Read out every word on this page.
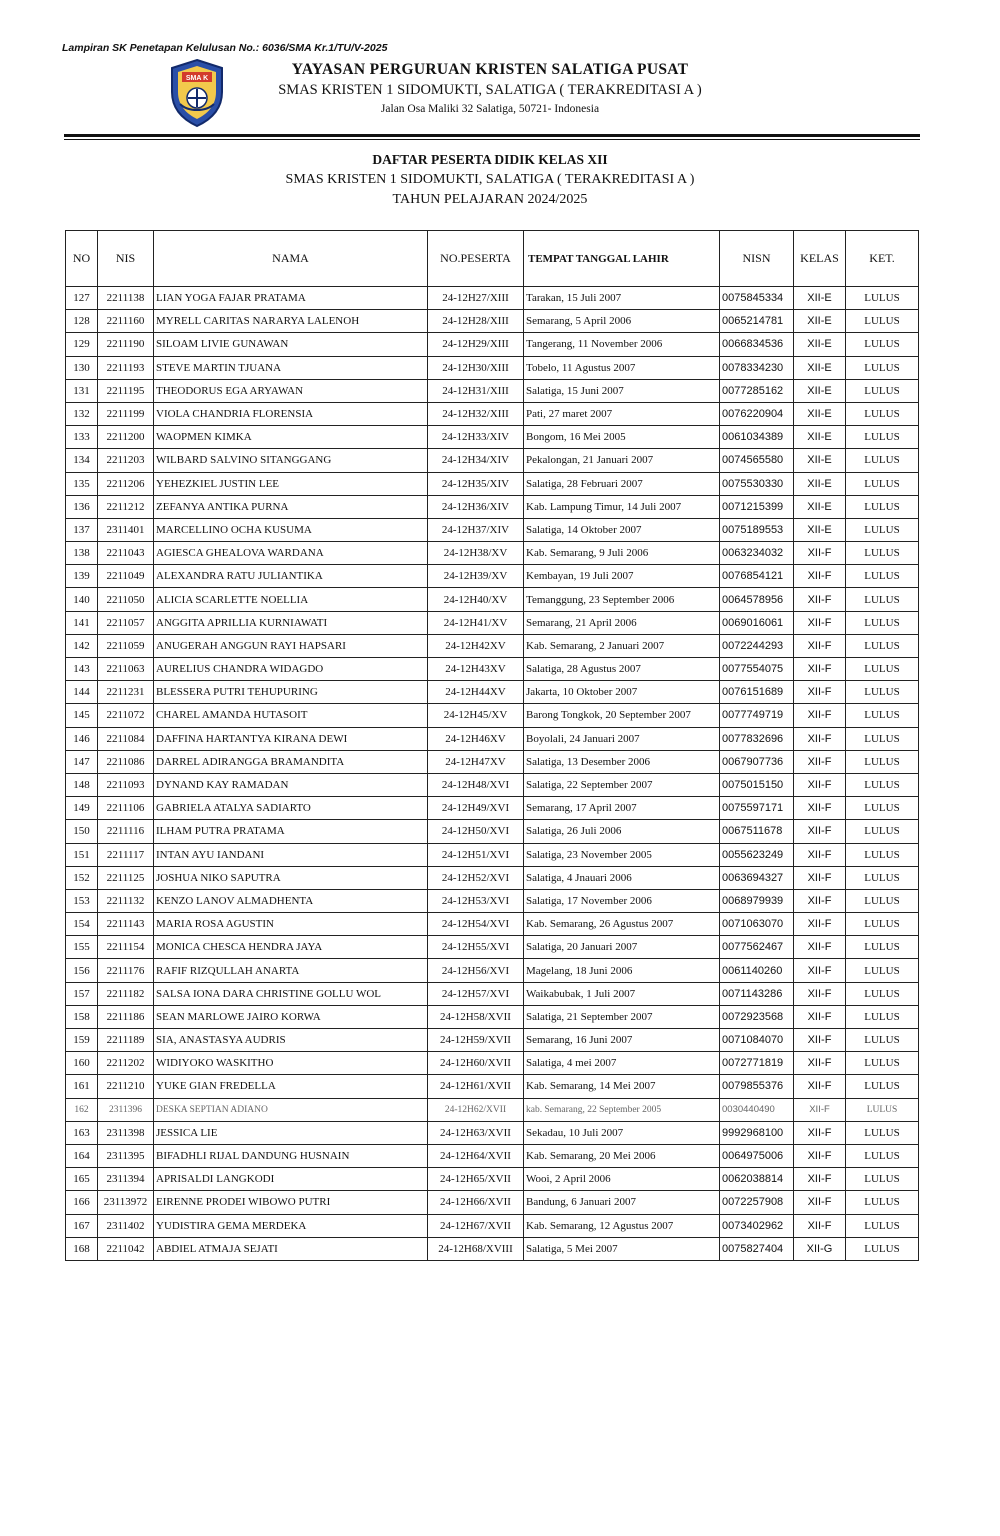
Lampiran SK Penetapan Kelulusan No.: 6036/SMA Kr.1/TU/V-2025
SMA K
YAYASAN PERGURUAN KRISTEN SALATIGA PUSAT
SMAS KRISTEN 1 SIDOMUKTI, SALATIGA ( TERAKREDITASI A )
Jalan Osa Maliki 32 Salatiga, 50721- Indonesia
DAFTAR PESERTA DIDIK KELAS XII
SMAS KRISTEN 1 SIDOMUKTI, SALATIGA ( TERAKREDITASI A )
TAHUN PELAJARAN 2024/2025
NO	NIS	NAMA	NO.PESERTA	TEMPAT TANGGAL LAHIR	NISN	KELAS	KET.
127	2211138	LIAN YOGA FAJAR PRATAMA	24-12H27/XIII	Tarakan, 15 Juli 2007	0075845334	XII-E	LULUS
128	2211160	MYRELL CARITAS NARARYA LALENOH	24-12H28/XIII	Semarang, 5 April 2006	0065214781	XII-E	LULUS
129	2211190	SILOAM LIVIE GUNAWAN	24-12H29/XIII	Tangerang, 11 November 2006	0066834536	XII-E	LULUS
130	2211193	STEVE MARTIN TJUANA	24-12H30/XIII	Tobelo, 11 Agustus 2007	0078334230	XII-E	LULUS
131	2211195	THEODORUS EGA ARYAWAN	24-12H31/XIII	Salatiga, 15 Juni 2007	0077285162	XII-E	LULUS
132	2211199	VIOLA CHANDRIA FLORENSIA	24-12H32/XIII	Pati, 27 maret 2007	0076220904	XII-E	LULUS
133	2211200	WAOPMEN KIMKA	24-12H33/XIV	Bongom, 16 Mei 2005	0061034389	XII-E	LULUS
134	2211203	WILBARD SALVINO SITANGGANG	24-12H34/XIV	Pekalongan, 21 Januari 2007	0074565580	XII-E	LULUS
135	2211206	YEHEZKIEL JUSTIN LEE	24-12H35/XIV	Salatiga, 28 Februari 2007	0075530330	XII-E	LULUS
136	2211212	ZEFANYA ANTIKA PURNA	24-12H36/XIV	Kab. Lampung Timur, 14 Juli 2007	0071215399	XII-E	LULUS
137	2311401	MARCELLINO OCHA KUSUMA	24-12H37/XIV	Salatiga, 14 Oktober 2007	0075189553	XII-E	LULUS
138	2211043	AGIESCA GHEALOVA WARDANA	24-12H38/XV	Kab. Semarang, 9 Juli 2006	0063234032	XII-F	LULUS
139	2211049	ALEXANDRA RATU JULIANTIKA	24-12H39/XV	Kembayan, 19 Juli 2007	0076854121	XII-F	LULUS
140	2211050	ALICIA SCARLETTE NOELLIA	24-12H40/XV	Temanggung, 23 September 2006	0064578956	XII-F	LULUS
141	2211057	ANGGITA APRILLIA KURNIAWATI	24-12H41/XV	Semarang, 21 April 2006	0069016061	XII-F	LULUS
142	2211059	ANUGERAH ANGGUN RAYI HAPSARI	24-12H42XV	Kab. Semarang, 2 Januari 2007	0072244293	XII-F	LULUS
143	2211063	AURELIUS CHANDRA WIDAGDO	24-12H43XV	Salatiga, 28 Agustus 2007	0077554075	XII-F	LULUS
144	2211231	BLESSERA PUTRI TEHUPURING	24-12H44XV	Jakarta, 10 Oktober 2007	0076151689	XII-F	LULUS
145	2211072	CHAREL AMANDA HUTASOIT	24-12H45/XV	Barong Tongkok, 20 September 2007	0077749719	XII-F	LULUS
146	2211084	DAFFINA HARTANTYA KIRANA DEWI	24-12H46XV	Boyolali, 24 Januari 2007	0077832696	XII-F	LULUS
147	2211086	DARREL ADIRANGGA BRAMANDITA	24-12H47XV	Salatiga, 13 Desember 2006	0067907736	XII-F	LULUS
148	2211093	DYNAND KAY RAMADAN	24-12H48/XVI	Salatiga, 22 September 2007	0075015150	XII-F	LULUS
149	2211106	GABRIELA ATALYA SADIARTO	24-12H49/XVI	Semarang, 17 April 2007	0075597171	XII-F	LULUS
150	2211116	ILHAM PUTRA PRATAMA	24-12H50/XVI	Salatiga, 26 Juli 2006	0067511678	XII-F	LULUS
151	2211117	INTAN AYU IANDANI	24-12H51/XVI	Salatiga, 23 November 2005	0055623249	XII-F	LULUS
152	2211125	JOSHUA NIKO SAPUTRA	24-12H52/XVI	Salatiga, 4 Jnauari 2006	0063694327	XII-F	LULUS
153	2211132	KENZO LANOV ALMADHENTA	24-12H53/XVI	Salatiga, 17 November 2006	0068979939	XII-F	LULUS
154	2211143	MARIA ROSA AGUSTIN	24-12H54/XVI	Kab. Semarang, 26 Agustus 2007	0071063070	XII-F	LULUS
155	2211154	MONICA CHESCA HENDRA JAYA	24-12H55/XVI	Salatiga, 20 Januari 2007	0077562467	XII-F	LULUS
156	2211176	RAFIF RIZQULLAH ANARTA	24-12H56/XVI	Magelang, 18 Juni 2006	0061140260	XII-F	LULUS
157	2211182	SALSA IONA DARA CHRISTINE GOLLU WOL	24-12H57/XVI	Waikabubak, 1 Juli 2007	0071143286	XII-F	LULUS
158	2211186	SEAN MARLOWE JAIRO KORWA	24-12H58/XVII	Salatiga, 21 September 2007	0072923568	XII-F	LULUS
159	2211189	SIA, ANASTASYA AUDRIS	24-12H59/XVII	Semarang, 16 Juni 2007	0071084070	XII-F	LULUS
160	2211202	WIDIYOKO WASKITHO	24-12H60/XVII	Salatiga, 4 mei 2007	0072771819	XII-F	LULUS
161	2211210	YUKE GIAN FREDELLA	24-12H61/XVII	Kab. Semarang, 14 Mei 2007	0079855376	XII-F	LULUS
162	2311396	DESKA SEPTIAN ADIANO	24-12H62/XVII	kab. Semarang, 22 September 2005	0030440490	XII-F	LULUS
163	2311398	JESSICA LIE	24-12H63/XVII	Sekadau, 10 Juli 2007	9992968100	XII-F	LULUS
164	2311395	BIFADHLI RIJAL DANDUNG HUSNAIN	24-12H64/XVII	Kab. Semarang, 20 Mei 2006	0064975006	XII-F	LULUS
165	2311394	APRISALDI LANGKODI	24-12H65/XVII	Wooi, 2 April 2006	0062038814	XII-F	LULUS
166	23113972	EIRENNE PRODEI WIBOWO PUTRI	24-12H66/XVII	Bandung, 6 Januari 2007	0072257908	XII-F	LULUS
167	2311402	YUDISTIRA GEMA MERDEKA	24-12H67/XVII	Kab. Semarang, 12 Agustus 2007	0073402962	XII-F	LULUS
168	2211042	ABDIEL ATMAJA SEJATI	24-12H68/XVIII	Salatiga, 5 Mei 2007	0075827404	XII-G	LULUS
